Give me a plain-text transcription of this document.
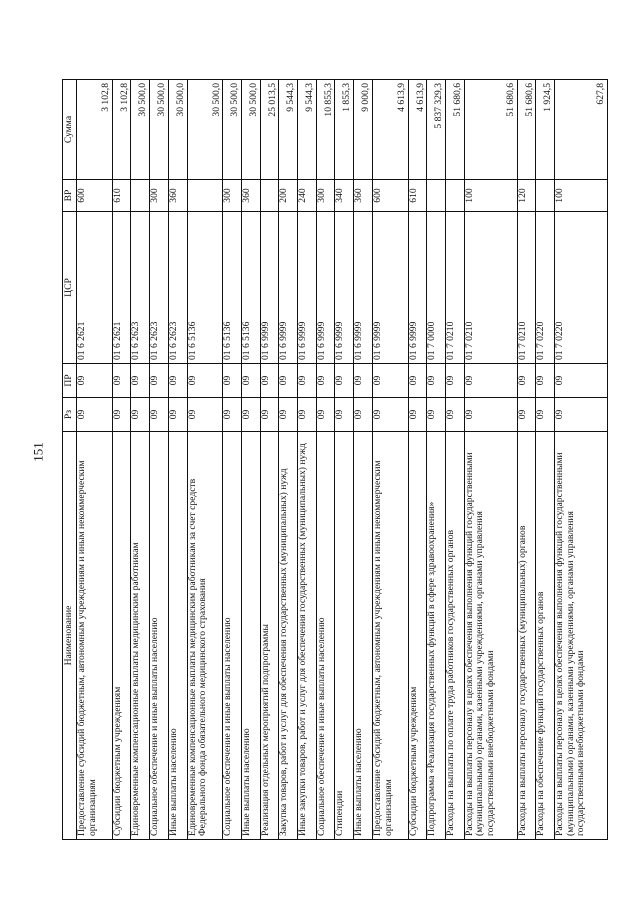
151
Наименование	Рз	ПР	ЦСР	ВР	Сумма
Предоставление субсидий бюджетным, автономным учреждениям и иным некоммерческим организациям	09	09	01 6 2621	600	3 102,8
Субсидии бюджетным учреждениям	09	09	01 6 2621	610	3 102,8
Единовременные компенсационные выплаты медицинским работникам	09	09	01 6 2623		30 500,0
Социальное обеспечение и иные выплаты населению	09	09	01 6 2623	300	30 500,0
Иные выплаты населению	09	09	01 6 2623	360	30 500,0
Единовременные компенсационные выплаты медицинским работникам за счет средств Федерального фонда обязательного медицинского страхования	09	09	01 6 5136		30 500,0
Социальное обеспечение и иные выплаты населению	09	09	01 6 5136	300	30 500,0
Иные выплаты населению	09	09	01 6 5136	360	30 500,0
Реализация отдельных мероприятий подпрограммы	09	09	01 6 9999		25 013,5
Закупка товаров, работ и услуг для обеспечения государственных (муниципальных) нужд	09	09	01 6 9999	200	9 544,3
Иные закупки товаров, работ и услуг для обеспечения государственных (муниципальных) нужд	09	09	01 6 9999	240	9 544,3
Социальное обеспечение и иные выплаты населению	09	09	01 6 9999	300	10 855,3
Стипендии	09	09	01 6 9999	340	1 855,3
Иные выплаты населению	09	09	01 6 9999	360	9 000,0
Предоставление субсидий бюджетным, автономным учреждениям и иным некоммерческим организациям	09	09	01 6 9999	600	4 613,9
Субсидии бюджетным учреждениям	09	09	01 6 9999	610	4 613,9
Подпрограмма «Реализация государственных функций в сфере здравоохранения»	09	09	01 7 0000		5 837 329,3
Расходы на выплаты по оплате труда работников государственных органов	09	09	01 7 0210		51 680,6
Расходы на выплаты персоналу в целях обеспечения выполнения функций государственными (муниципальными) органами, казенными учреждениями, органами управления государственными внебюджетными фондами	09	09	01 7 0210	100	51 680,6
Расходы на выплаты персоналу государственных (муниципальных) органов	09	09	01 7 0210	120	51 680,6
Расходы на обеспечение функций государственных органов	09	09	01 7 0220		1 924,5
Расходы на выплаты персоналу в целях обеспечения выполнения функций государственными (муниципальными) органами, казенными учреждениями, органами управления государственными внебюджетными фондами	09	09	01 7 0220	100	627,8
